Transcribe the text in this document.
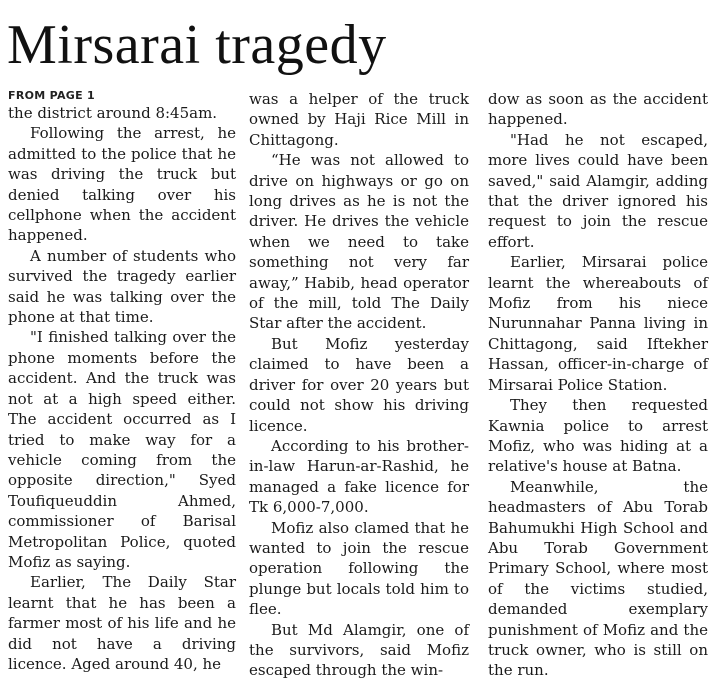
Mirsarai tragedy
FROM PAGE 1

the district around 8:45am.

Following the arrest, he admitted to the police that he was driving the truck but denied talking over his cellphone when the accident happened.

A number of students who survived the tragedy earlier said he was talking over the phone at that time.

"I finished talking over the phone moments before the accident. And the truck was not at a high speed either. The accident occurred as I tried to make way for a vehicle coming from the opposite direction," Syed Toufiqueuddin Ahmed, commissioner of Barisal Metropolitan Police, quoted Mofiz as saying.

Earlier, The Daily Star learnt that he has been a farmer most of his life and he did not have a driving licence. Aged around 40, he

was a helper of the truck owned by Haji Rice Mill in Chittagong.

“He was not allowed to drive on highways or go on long drives as he is not the driver. He drives the vehicle when we need to take something not very far away,” Habib, head operator of the mill, told The Daily Star after the accident.

But Mofiz yesterday claimed to have been a driver for over 20 years but could not show his driving licence.

According to his brother-in-law Harun-ar-Rashid, he managed a fake licence for Tk 6,000-7,000.

Mofiz also clamed that he wanted to join the rescue operation following the plunge but locals told him to flee.

But Md Alamgir, one of the survivors, said Mofiz escaped through the win-

dow as soon as the accident happened.

"Had he not escaped, more lives could have been saved," said Alamgir, adding that the driver ignored his request to join the rescue effort.

Earlier, Mirsarai police learnt the whereabouts of Mofiz from his niece Nurunnahar Panna living in Chittagong, said Iftekher Hassan, officer-in-charge of Mirsarai Police Station.

They then requested Kawnia police to arrest Mofiz, who was hiding at a relative's house at Batna.

Meanwhile, the headmasters of Abu Torab Bahumukhi High School and Abu Torab Government Primary School, where most of the victims studied, demanded exemplary punishment of Mofiz and the truck owner, who is still on the run.
